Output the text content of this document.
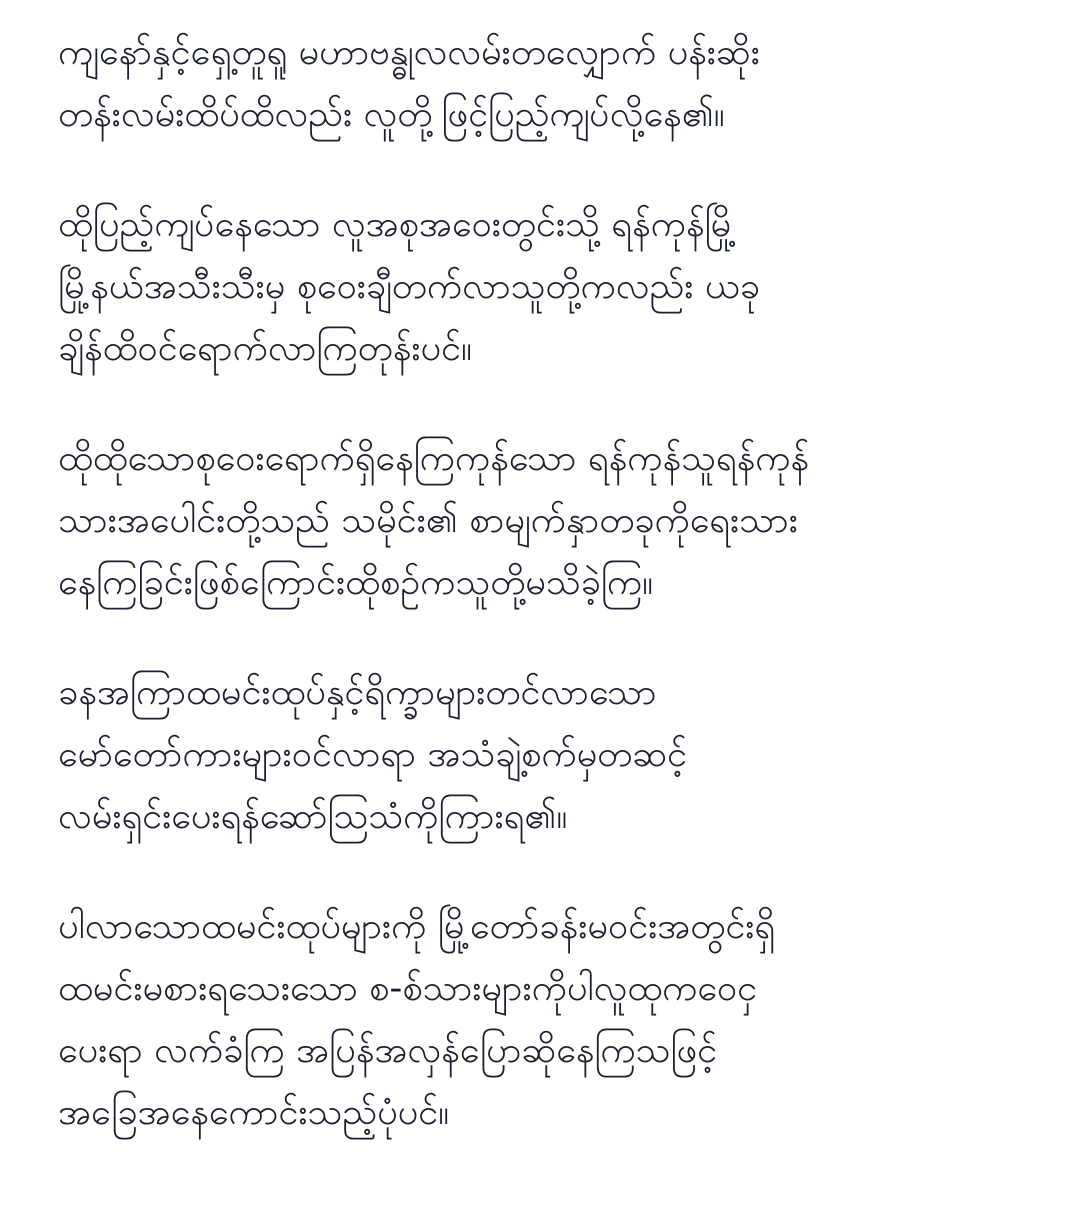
ကျနော်နှင့်ရှေ့တူရူ မဟာဗန္ဓုလလမ်းတလျှောက် ပန်းဆိုး
တန်းလမ်းထိပ်ထိလည်း လူတို့ဖြင့်ပြည့်ကျပ်လို့နေ၏။
ထိုပြည့်ကျပ်နေသော လူအစုအဝေးတွင်းသို့ ရန်ကုန်မြို့
မြို့နယ်အသီးသီးမှ စုဝေးချီတက်လာသူတို့ကလည်း ယခု
ချိန်ထိဝင်ရောက်လာကြတုန်းပင်။
ထိုထိုသောစုဝေးရောက်ရှိနေကြကုန်သော ရန်ကုန်သူရန်ကုန်
သားအပေါင်းတို့သည် သမိုင်း၏ စာမျက်နှာတခုကိုရေးသား
နေကြခြင်းဖြစ်ကြောင်းထိုစဉ်ကသူတို့မသိခဲ့ကြ။
ခနအကြာထမင်းထုပ်နှင့်ရိက္ခာများတင်လာသော
မော်တော်ကားများဝင်လာရာ အသံချဲ့စက်မှတဆင့်
လမ်းရှင်းပေးရန်ဆော်သြသံကိုကြားရ၏။
ပါလာသောထမင်းထုပ်များကို မြို့တော်ခန်းမဝင်းအတွင်းရှိ
ထမင်းမစားရသေးသော စ-စ်သားများကိုပါလူထုကဝေငှ
ပေးရာ လက်ခံကြ အပြန်အလှန်ပြောဆိုနေကြသဖြင့်
အခြေအနေကောင်းသည့်ပုံပင်။
